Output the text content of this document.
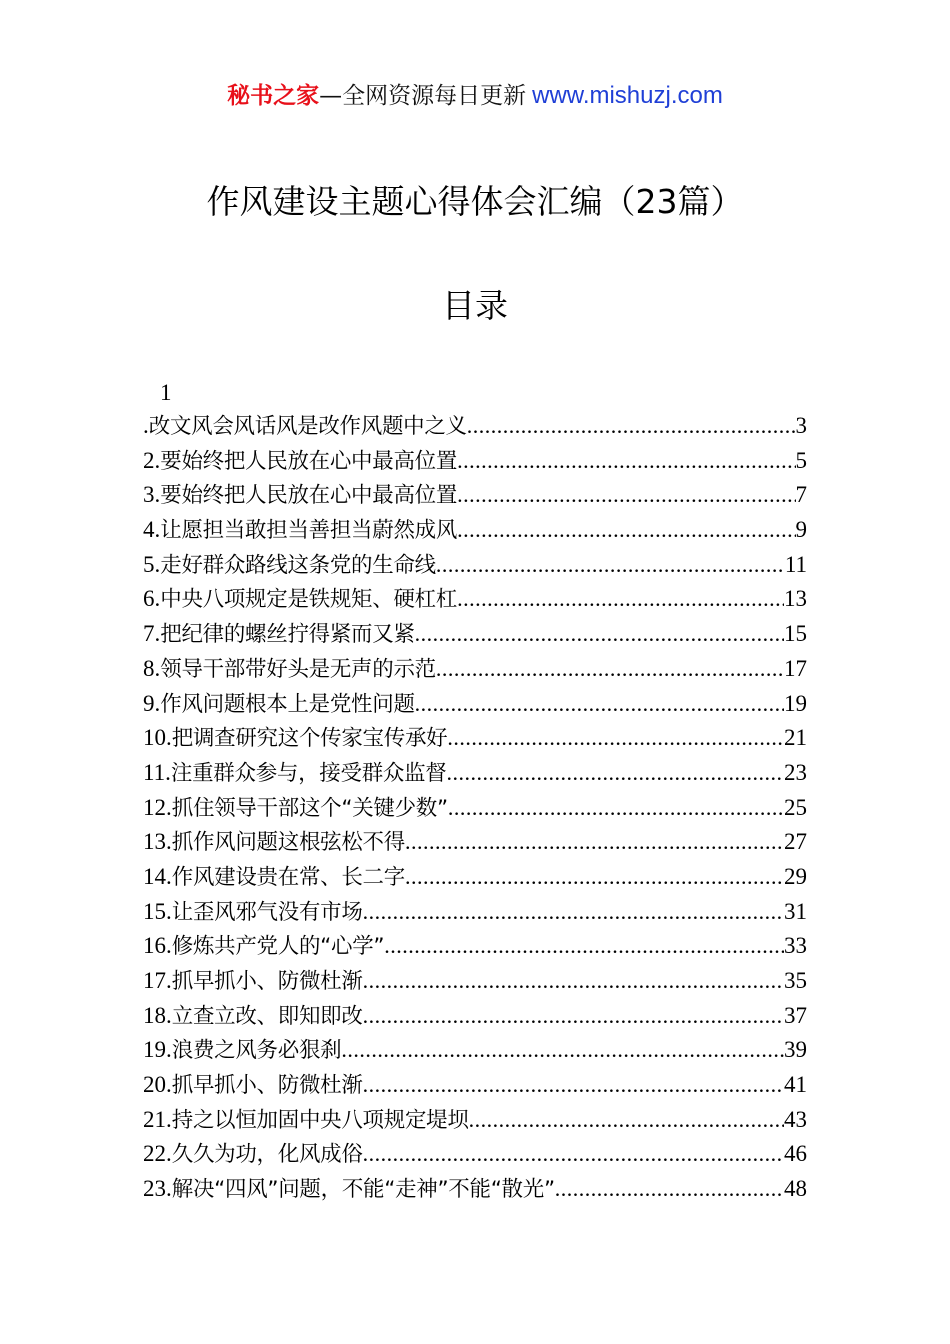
秘书之家—全网资源每日更新 www.mishuzj.com
作风建设主题心得体会汇编（23篇）
目录
1
. 改文风会风话风是改作风题中之义 .....	3
2. 要始终把人民放在心中最高位置 .....	5
3. 要始终把人民放在心中最高位置 .....	7
4. 让愿担当敢担当善担当蔚然成风 .....	9
5. 走好群众路线这条党的生命线 .....	11
6. 中央八项规定是铁规矩、硬杠杠 .....	13
7. 把纪律的螺丝拧得紧而又紧 .....	15
8. 领导干部带好头是无声的示范 .....	17
9. 作风问题根本上是党性问题 .....	19
10. 把调查研究这个传家宝传承好 .....	21
11. 注重群众参与，接受群众监督 .....	23
12. 抓住领导干部这个“关键少数” .....	25
13. 抓作风问题这根弦松不得 .....	27
14. 作风建设贵在常、长二字 .....	29
15. 让歪风邪气没有市场 .....	31
16. 修炼共产党人的“心学” .....	33
17. 抓早抓小、防微杜渐 .....	35
18. 立查立改、即知即改 .....	37
19. 浪费之风务必狠刹 .....	39
20. 抓早抓小、防微杜渐 .....	41
21. 持之以恒加固中央八项规定堤坝 .....	43
22. 久久为功，化风成俗 .....	46
23. 解决“四风”问题，不能“走神”不能“散光” .....	48
